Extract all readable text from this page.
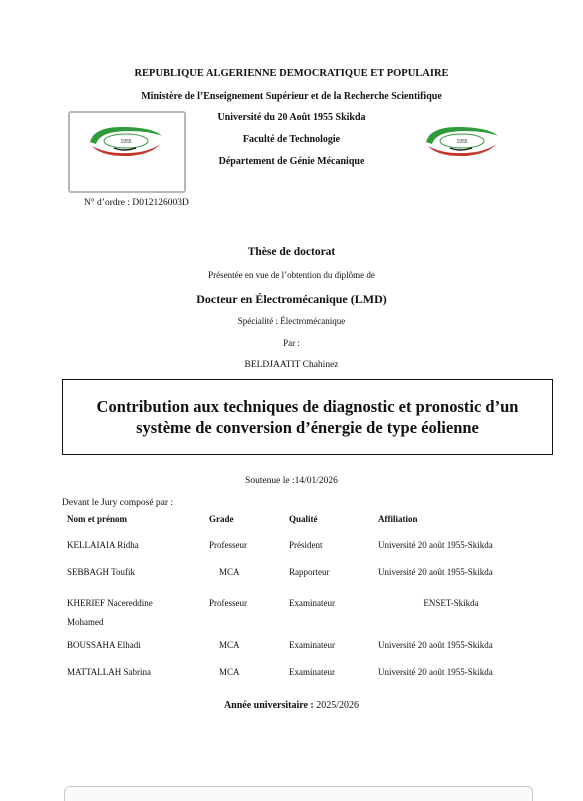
REPUBLIQUE ALGERIENNE DEMOCRATIQUE ET POPULAIRE
Ministère de l’Enseignement Supérieur et de la Recherche Scientifique
Université du 20 Août 1955 Skikda
Faculté de Technologie
Département de Génie Mécanique
1955	1955
N° d’ordre : D012126003D
Thèse de doctorat
Présentée en vue de l’obtention du diplôme de
Docteur en Électromécanique (LMD)
Spécialité : Électromécanique
Par :
BELDJAATIT Chahinez
Contribution aux techniques de diagnostic et pronostic d’un système de conversion d’énergie de type éolienne
Soutenue le :14/01/2026
Devant le Jury composé par :
Nom et prénom	Grade	Qualité	Affiliation
KELLAIAIA Ridha	Professeur	Président	Université 20 août 1955-Skikda
SEBBAGH Toufik	MCA	Rapporteur	Université 20 août 1955-Skikda
KHERIEF Nacereddine Mohamed	Professeur	Examinateur	ENSET-Skikda
BOUSSAHA Elhadi	MCA	Examinateur	Université 20 août 1955-Skikda
MATTALLAH Sabrina	MCA	Examinateur	Université 20 août 1955-Skikda
Année universitaire : 2025/2026
